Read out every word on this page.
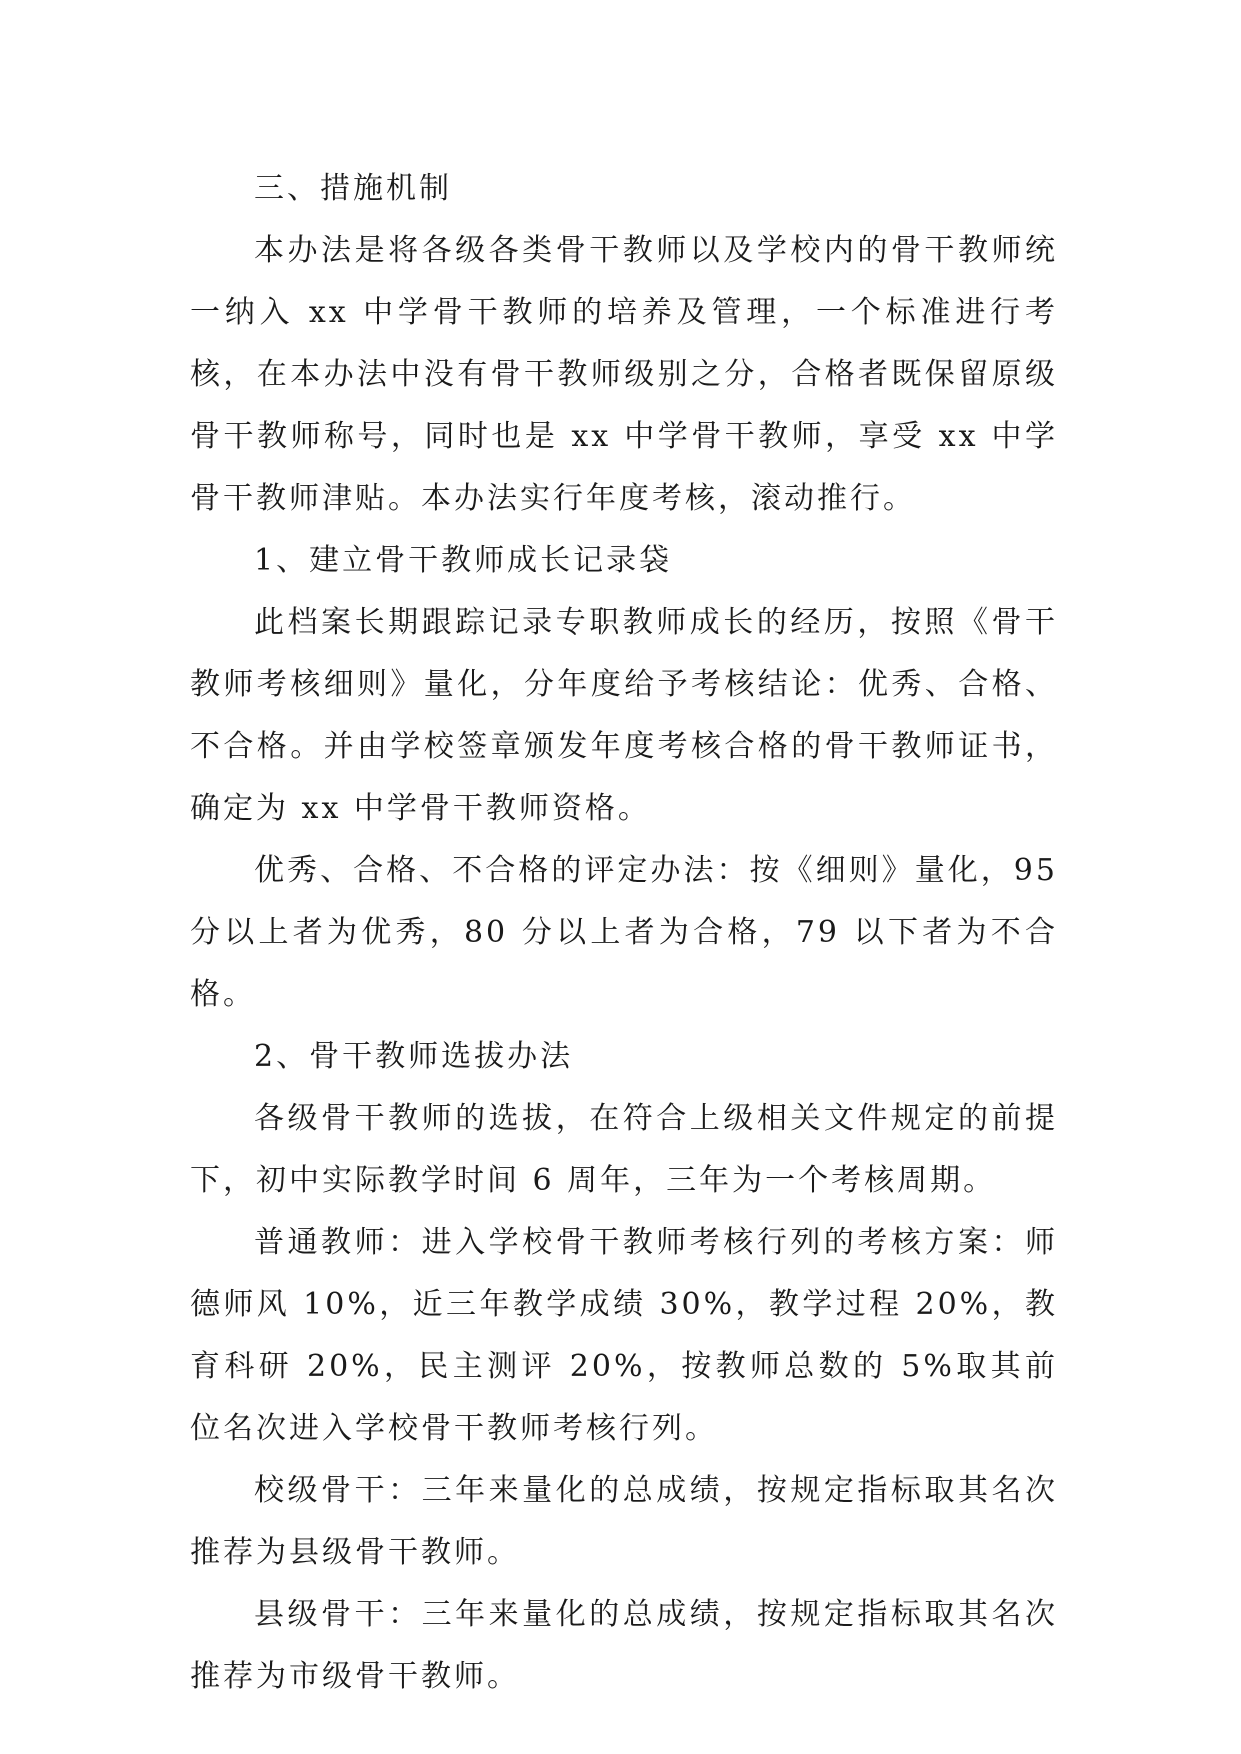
三、措施机制

本办法是将各级各类骨干教师以及学校内的骨干教师统一纳入 xx 中学骨干教师的培养及管理，一个标准进行考核，在本办法中没有骨干教师级别之分，合格者既保留原级骨干教师称号，同时也是 xx 中学骨干教师，享受 xx 中学骨干教师津贴。本办法实行年度考核，滚动推行。

1、建立骨干教师成长记录袋

此档案长期跟踪记录专职教师成长的经历，按照《骨干教师考核细则》量化，分年度给予考核结论：优秀、合格、不合格。并由学校签章颁发年度考核合格的骨干教师证书，确定为 xx 中学骨干教师资格。

优秀、合格、不合格的评定办法：按《细则》量化，95 分以上者为优秀，80 分以上者为合格，79 以下者为不合格。

2、骨干教师选拔办法

各级骨干教师的选拔，在符合上级相关文件规定的前提下，初中实际教学时间 6 周年，三年为一个考核周期。

普通教师：进入学校骨干教师考核行列的考核方案：师德师风 10%，近三年教学成绩 30%，教学过程 20%，教育科研 20%，民主测评 20%，按教师总数的 5%取其前位名次进入学校骨干教师考核行列。

校级骨干：三年来量化的总成绩，按规定指标取其名次推荐为县级骨干教师。

县级骨干：三年来量化的总成绩，按规定指标取其名次推荐为市级骨干教师。
